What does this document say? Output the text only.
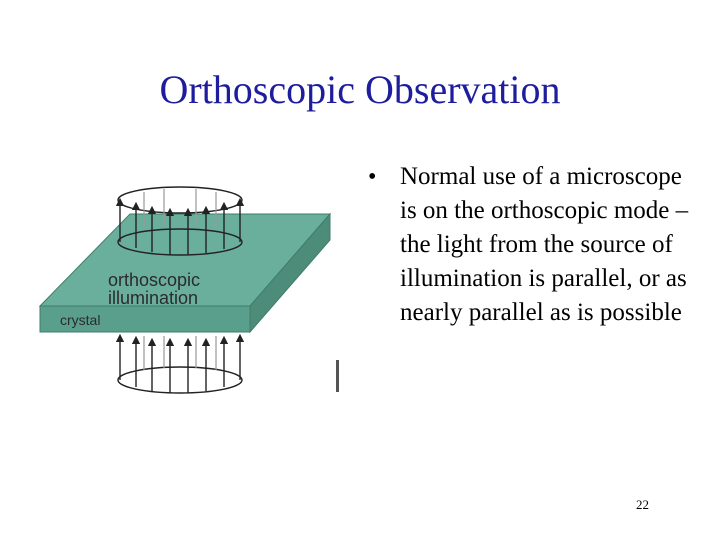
Orthoscopic Observation
orthoscopic
illumination
crystal
• Normal use of a microscope is on the orthoscopic mode – the light from the source of illumination is parallel, or as nearly parallel as is possible
22
